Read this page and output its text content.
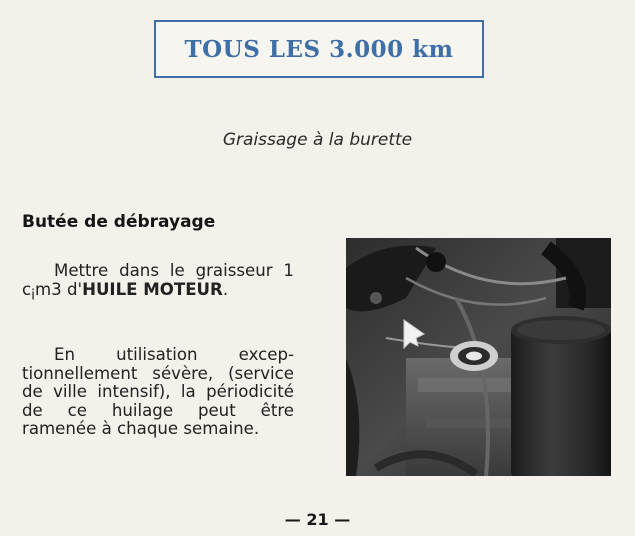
TOUS LES 3.000 km
Graissage à la burette
Butée de débrayage
Mettre dans le graisseur 1 $c_im3$ d'HUILE MOTEUR.
En utilisation exceptionnellement sévère, (service de ville intensif), la périodicité de ce huilage peut être ramenée à chaque semaine.
— 21 —
